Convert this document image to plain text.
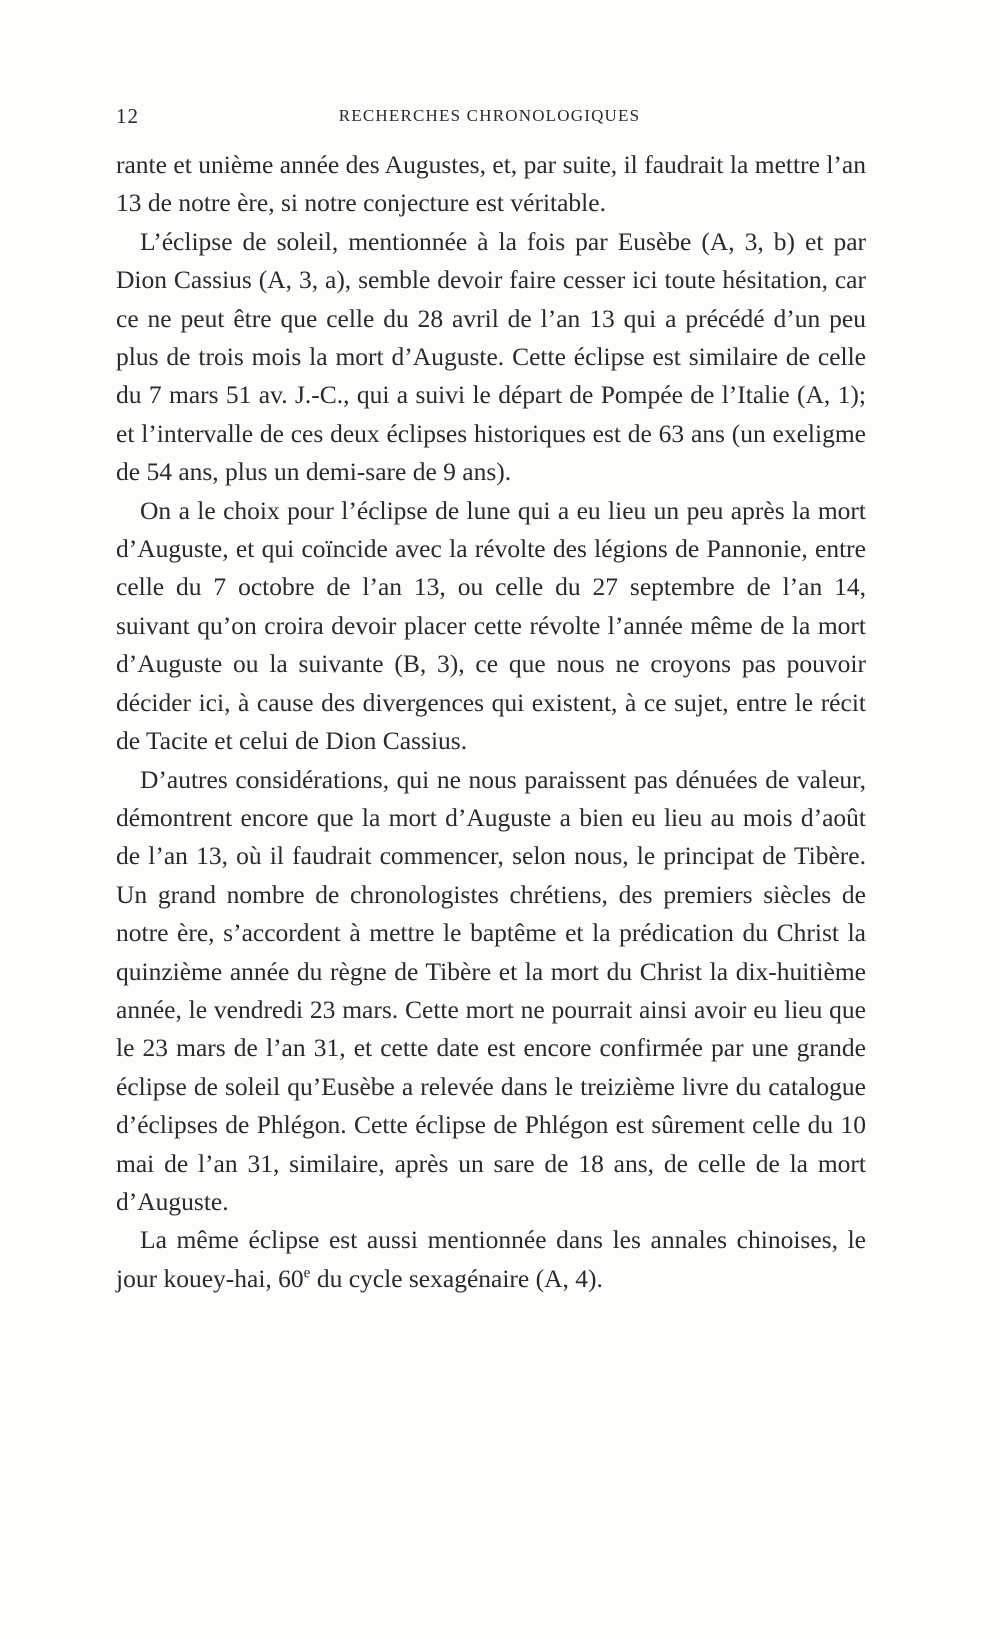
12	RECHERCHES CHRONOLOGIQUES

rante et unième année des Augustes, et, par suite, il faudrait la mettre l’an 13 de notre ère, si notre conjecture est véritable.

L’éclipse de soleil, mentionnée à la fois par Eusèbe (A, 3, b) et par Dion Cassius (A, 3, a), semble devoir faire cesser ici toute hésitation, car ce ne peut être que celle du 28 avril de l’an 13 qui a précédé d’un peu plus de trois mois la mort d’Auguste. Cette éclipse est similaire de celle du 7 mars 51 av. J.-C., qui a suivi le départ de Pompée de l’Italie (A, 1); et l’intervalle de ces deux éclipses historiques est de 63 ans (un exeligme de 54 ans, plus un demi-sare de 9 ans).

On a le choix pour l’éclipse de lune qui a eu lieu un peu après la mort d’Auguste, et qui coïncide avec la révolte des légions de Pannonie, entre celle du 7 octobre de l’an 13, ou celle du 27 septembre de l’an 14, suivant qu’on croira devoir placer cette révolte l’année même de la mort d’Auguste ou la suivante (B, 3), ce que nous ne croyons pas pouvoir décider ici, à cause des divergences qui existent, à ce sujet, entre le récit de Tacite et celui de Dion Cassius.

D’autres considérations, qui ne nous paraissent pas dénuées de valeur, démontrent encore que la mort d’Auguste a bien eu lieu au mois d’août de l’an 13, où il faudrait commencer, selon nous, le principat de Tibère. Un grand nombre de chronologistes chrétiens, des premiers siècles de notre ère, s’accordent à mettre le baptême et la prédication du Christ la quinzième année du règne de Tibère et la mort du Christ la dix-huitième année, le vendredi 23 mars. Cette mort ne pourrait ainsi avoir eu lieu que le 23 mars de l’an 31, et cette date est encore confirmée par une grande éclipse de soleil qu’Eusèbe a relevée dans le treizième livre du catalogue d’éclipses de Phlégon. Cette éclipse de Phlégon est sûrement celle du 10 mai de l’an 31, similaire, après un sare de 18 ans, de celle de la mort d’Auguste.

La même éclipse est aussi mentionnée dans les annales chinoises, le jour kouey-hai, 60e du cycle sexagénaire (A, 4).
